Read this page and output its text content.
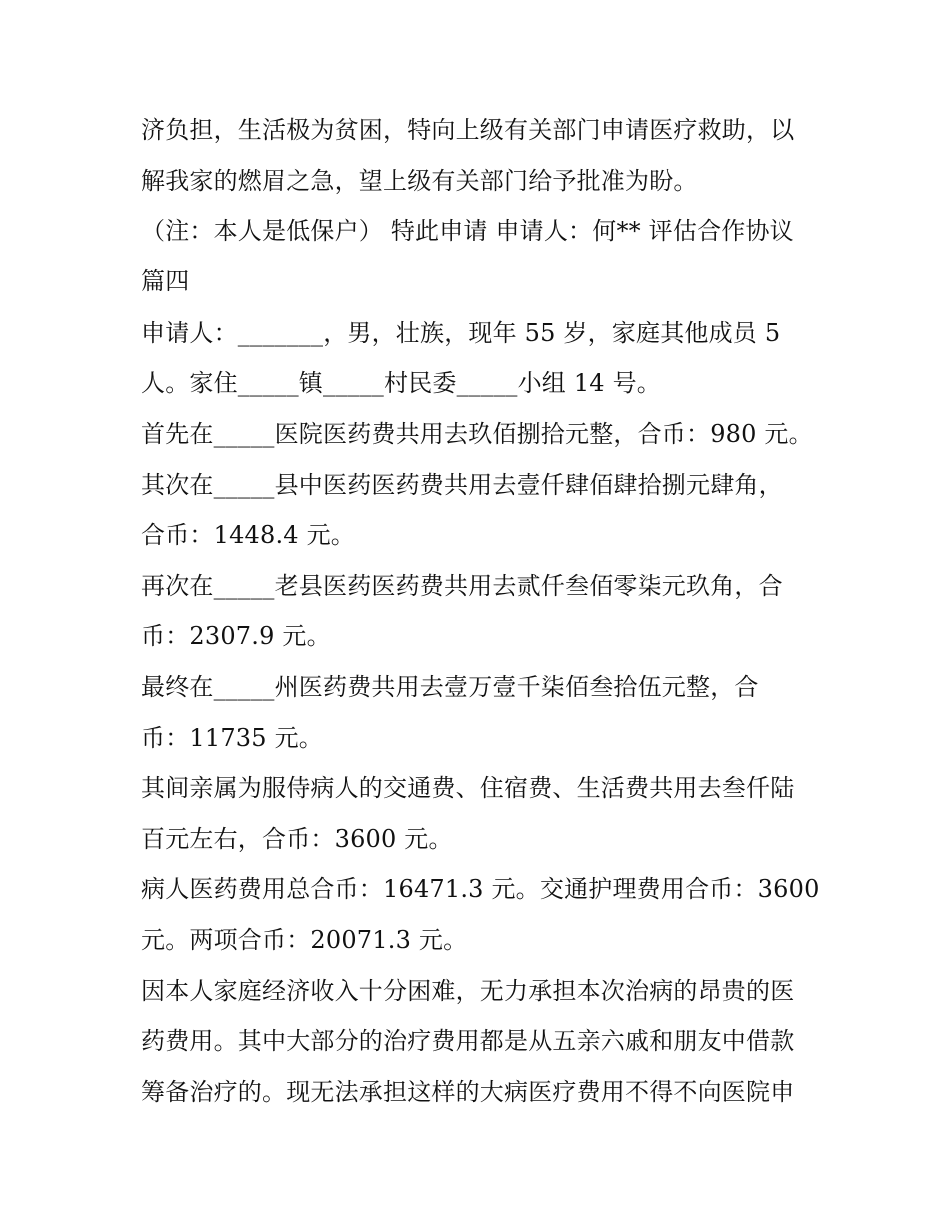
济负担，生活极为贫困，特向上级有关部门申请医疗救助，以
解我家的燃眉之急，望上级有关部门给予批准为盼。
（注：本人是低保户） 特此申请 申请人：何** 评估合作协议
篇四
申请人：_______，男，壮族，现年 55 岁，家庭其他成员 5
人。家住_____镇_____村民委_____小组 14 号。
首先在_____医院医药费共用去玖佰捌拾元整，合币：980 元。
其次在_____县中医药医药费共用去壹仟肆佰肆拾捌元肆角，
合币：1448.4 元。
再次在_____老县医药医药费共用去贰仟叁佰零柒元玖角，合
币：2307.9 元。
最终在_____州医药费共用去壹万壹千柒佰叁拾伍元整，合
币：11735 元。
其间亲属为服侍病人的交通费、住宿费、生活费共用去叁仟陆
百元左右，合币：3600 元。
病人医药费用总合币：16471.3 元。交通护理费用合币：3600
元。两项合币：20071.3 元。
因本人家庭经济收入十分困难，无力承担本次治病的昂贵的医
药费用。其中大部分的治疗费用都是从五亲六戚和朋友中借款
筹备治疗的。现无法承担这样的大病医疗费用不得不向医院申
